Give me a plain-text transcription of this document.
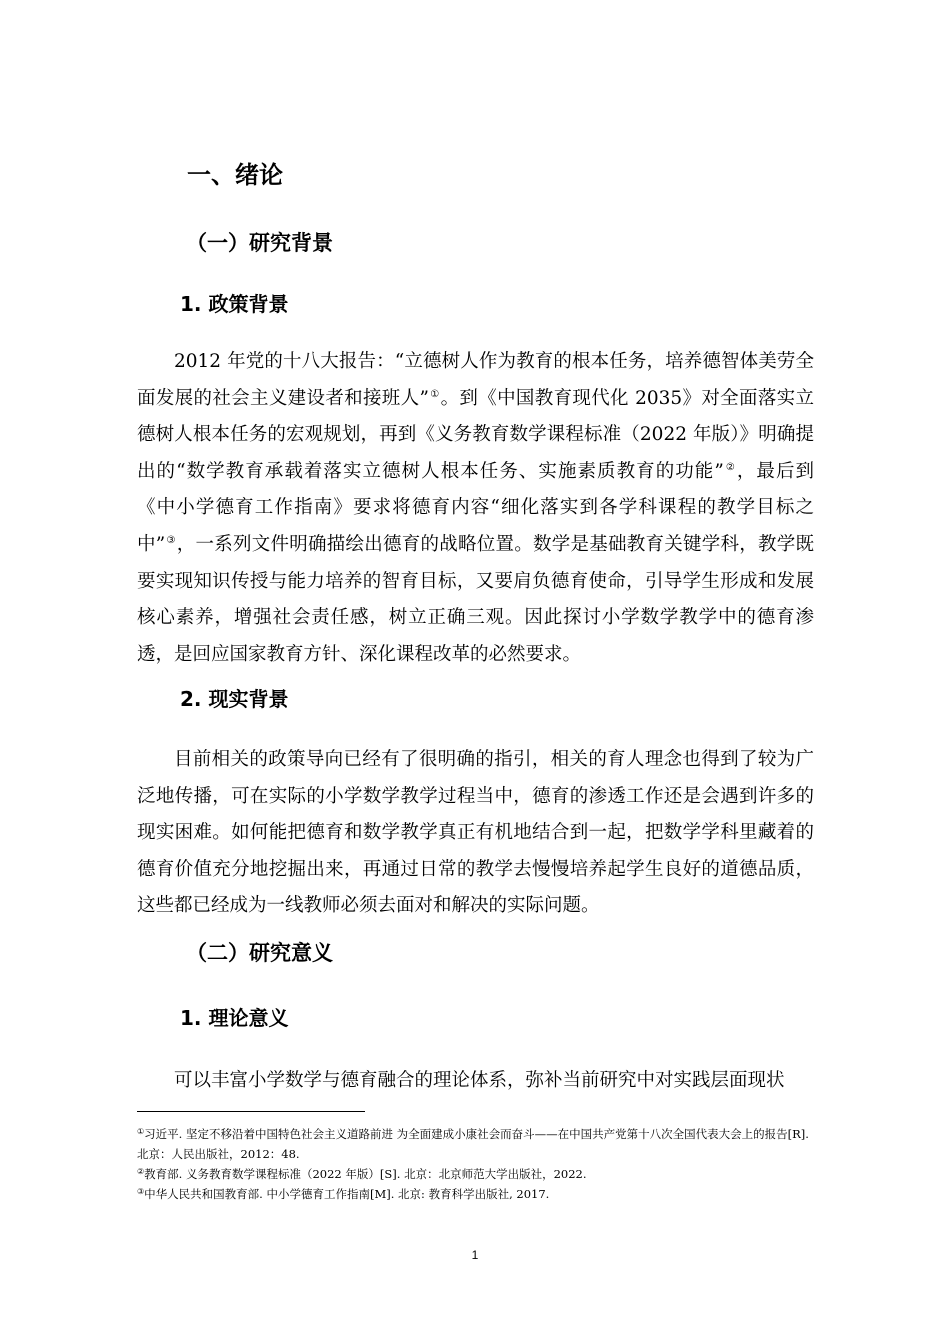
一、绪论
（一）研究背景
1. 政策背景

2012 年党的十八大报告：“立德树人作为教育的根本任务，培养德智体美劳全面发展的社会主义建设者和接班人”①。到《中国教育现代化 2035》对全面落实立德树人根本任务的宏观规划，再到《义务教育数学课程标准（2022 年版）》明确提出的“数学教育承载着落实立德树人根本任务、实施素质教育的功能”②，最后到《中小学德育工作指南》要求将德育内容“细化落实到各学科课程的教学目标之中”③，一系列文件明确描绘出德育的战略位置。数学是基础教育关键学科，教学既要实现知识传授与能力培养的智育目标，又要肩负德育使命，引导学生形成和发展核心素养，增强社会责任感，树立正确三观。因此探讨小学数学教学中的德育渗透，是回应国家教育方针、深化课程改革的必然要求。

2. 现实背景

目前相关的政策导向已经有了很明确的指引，相关的育人理念也得到了较为广泛地传播，可在实际的小学数学教学过程当中，德育的渗透工作还是会遇到许多的现实困难。如何能把德育和数学教学真正有机地结合到一起，把数学学科里藏着的德育价值充分地挖掘出来，再通过日常的教学去慢慢培养起学生良好的道德品质，这些都已经成为一线教师必须去面对和解决的实际问题。

（二）研究意义
1. 理论意义

可以丰富小学数学与德育融合的理论体系，弥补当前研究中对实践层面现状

①习近平. 坚定不移沿着中国特色社会主义道路前进 为全面建成小康社会而奋斗——在中国共产党第十八次全国代表大会上的报告[R]. 北京：人民出版社，2012：48.
②教育部. 义务教育数学课程标准（2022 年版）[S]. 北京：北京师范大学出版社，2022.
③中华人民共和国教育部. 中小学德育工作指南[M]. 北京: 教育科学出版社, 2017.
1
